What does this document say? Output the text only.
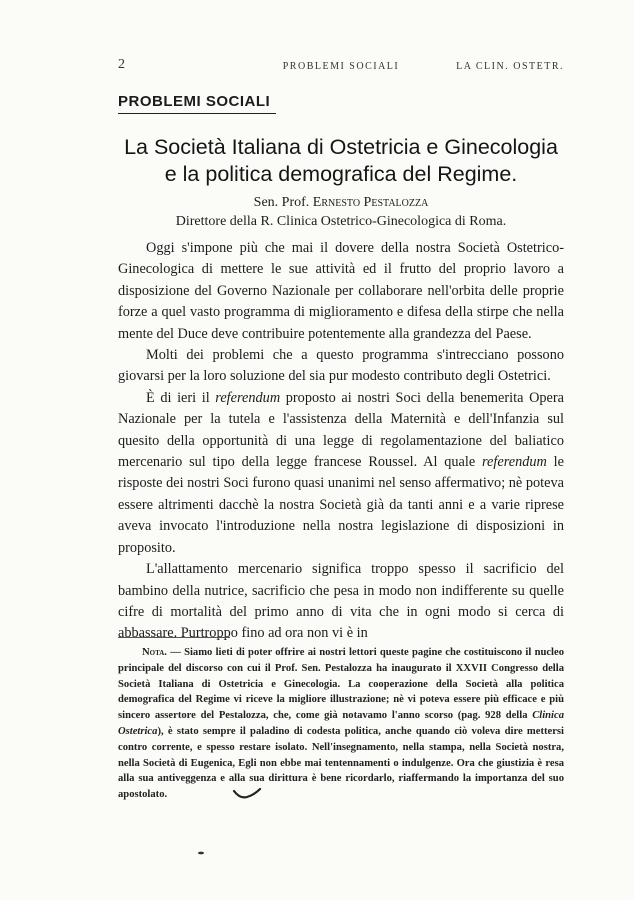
2	PROBLEMI SOCIALI	LA CLIN. OSTETR.
PROBLEMI SOCIALI
La Società Italiana di Ostetricia e Ginecologia
e la politica demografica del Regime.
Sen. Prof. Ernesto Pestalozza
Direttore della R. Clinica Ostetrico-Ginecologica di Roma.

Oggi s'impone più che mai il dovere della nostra Società Ostetrico-Ginecologica di mettere le sue attività ed il frutto del proprio lavoro a disposizione del Governo Nazionale per collaborare nell'orbita delle proprie forze a quel vasto programma di miglioramento e difesa della stirpe che nella mente del Duce deve contribuire potentemente alla grandezza del Paese.

Molti dei problemi che a questo programma s'intrecciano possono giovarsi per la loro soluzione del sia pur modesto contributo degli Ostetrici.

È di ieri il referendum proposto ai nostri Soci della benemerita Opera Nazionale per la tutela e l'assistenza della Maternità e dell'Infanzia sul quesito della opportunità di una legge di regolamentazione del baliatico mercenario sul tipo della legge francese Roussel. Al quale referendum le risposte dei nostri Soci furono quasi unanimi nel senso affermativo; nè poteva essere altrimenti dacchè la nostra Società già da tanti anni e a varie riprese aveva invocato l'introduzione nella nostra legislazione di disposizioni in proposito.

L'allattamento mercenario significa troppo spesso il sacrificio del bambino della nutrice, sacrificio che pesa in modo non indifferente su quelle cifre di mortalità del primo anno di vita che in ogni modo si cerca di abbassare. Purtroppo fino ad ora non vi è in

Nota. — Siamo lieti di poter offrire ai nostri lettori queste pagine che costituiscono il nucleo principale del discorso con cui il Prof. Sen. Pestalozza ha inaugurato il XXVII Congresso della Società Italiana di Ostetricia e Ginecologia. La cooperazione della Società alla politica demografica del Regime vi riceve la migliore illustrazione; nè vi poteva essere più efficace e più sincero assertore del Pestalozza, che, come già notavamo l'anno scorso (pag. 928 della Clinica Ostetrica), è stato sempre il paladino di codesta politica, anche quando ciò voleva dire mettersi contro corrente, e spesso restare isolato. Nell'insegnamento, nella stampa, nella Società nostra, nella Società di Eugenica, Egli non ebbe mai tentennamenti o indulgenze. Ora che giustizia è resa alla sua antiveggenza e alla sua dirittura è bene ricordarlo, riaffermando la importanza del suo apostolato.
